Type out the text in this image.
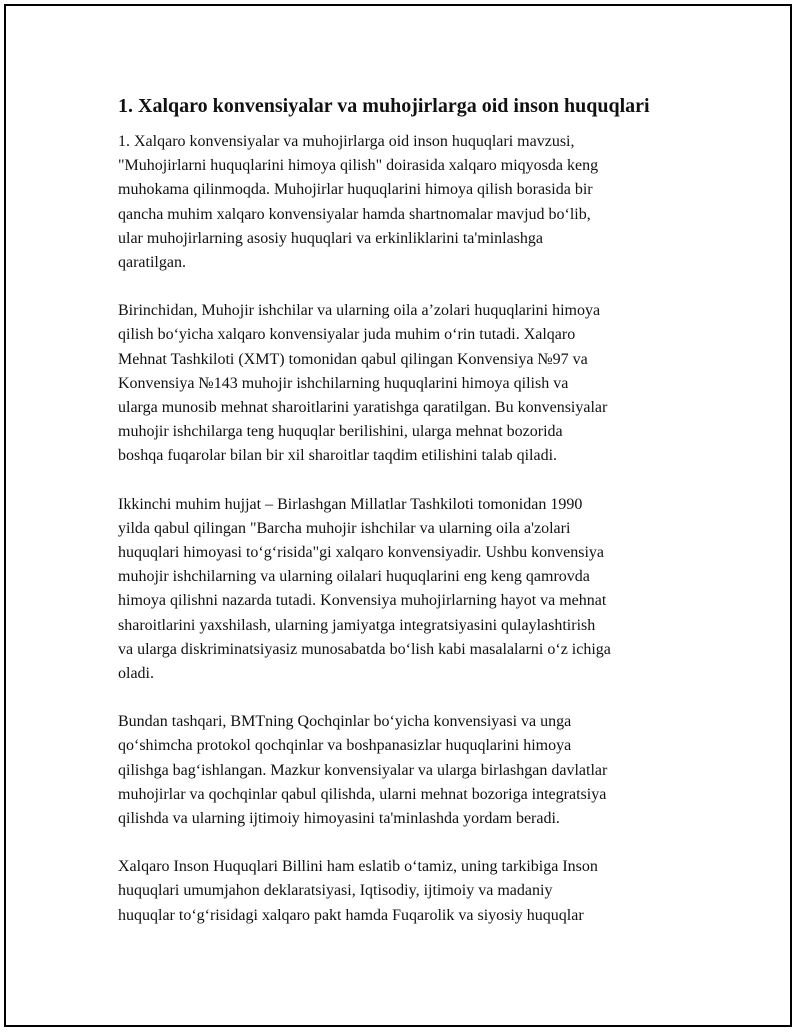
1. Xalqaro konvensiyalar va muhojirlarga oid inson huquqlari

1. Xalqaro konvensiyalar va muhojirlarga oid inson huquqlari mavzusi,
"Muhojirlarni huquqlarini himoya qilish" doirasida xalqaro miqyosda keng
muhokama qilinmoqda. Muhojirlar huquqlarini himoya qilish borasida bir
qancha muhim xalqaro konvensiyalar hamda shartnomalar mavjud boʻlib,
ular muhojirlarning asosiy huquqlari va erkinliklarini ta'minlashga
qaratilgan.

Birinchidan, Muhojir ishchilar va ularning oila a’zolari huquqlarini himoya
qilish boʻyicha xalqaro konvensiyalar juda muhim oʻrin tutadi. Xalqaro
Mehnat Tashkiloti (XMT) tomonidan qabul qilingan Konvensiya №97 va
Konvensiya №143 muhojir ishchilarning huquqlarini himoya qilish va
ularga munosib mehnat sharoitlarini yaratishga qaratilgan. Bu konvensiyalar
muhojir ishchilarga teng huquqlar berilishini, ularga mehnat bozorida
boshqa fuqarolar bilan bir xil sharoitlar taqdim etilishini talab qiladi.

Ikkinchi muhim hujjat – Birlashgan Millatlar Tashkiloti tomonidan 1990
yilda qabul qilingan "Barcha muhojir ishchilar va ularning oila a'zolari
huquqlari himoyasi toʻgʻrisida"gi xalqaro konvensiyadir. Ushbu konvensiya
muhojir ishchilarning va ularning oilalari huquqlarini eng keng qamrovda
himoya qilishni nazarda tutadi. Konvensiya muhojirlarning hayot va mehnat
sharoitlarini yaxshilash, ularning jamiyatga integratsiyasini qulaylashtirish
va ularga diskriminatsiyasiz munosabatda boʻlish kabi masalalarni oʻz ichiga
oladi.

Bundan tashqari, BMTning Qochqinlar boʻyicha konvensiyasi va unga
qoʻshimcha protokol qochqinlar va boshpanasizlar huquqlarini himoya
qilishga bagʻishlangan. Mazkur konvensiyalar va ularga birlashgan davlatlar
muhojirlar va qochqinlar qabul qilishda, ularni mehnat bozoriga integratsiya
qilishda va ularning ijtimoiy himoyasini ta'minlashda yordam beradi.

Xalqaro Inson Huquqlari Billini ham eslatib oʻtamiz, uning tarkibiga Inson
huquqlari umumjahon deklaratsiyasi, Iqtisodiy, ijtimoiy va madaniy
huquqlar toʻgʻrisidagi xalqaro pakt hamda Fuqarolik va siyosiy huquqlar
